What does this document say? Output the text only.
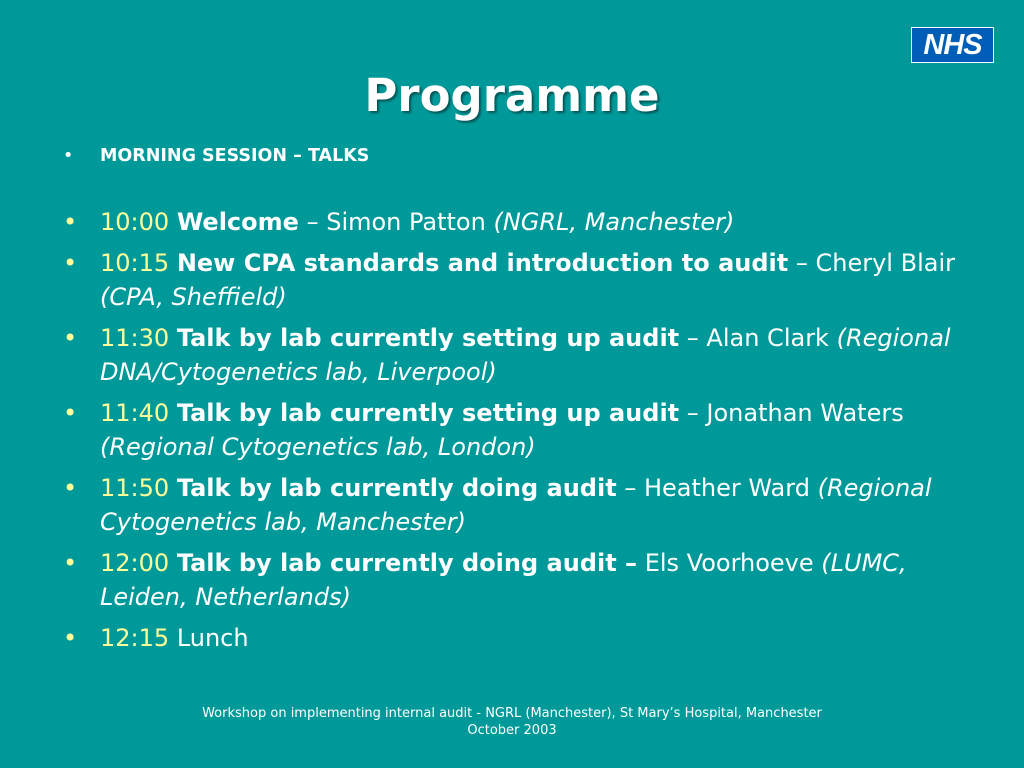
NHS
Programme
• MORNING SESSION – TALKS
• 10:00 Welcome – Simon Patton (NGRL, Manchester)
• 10:15 New CPA standards and introduction to audit – Cheryl Blair (CPA, Sheffield)
• 11:30 Talk by lab currently setting up audit – Alan Clark (Regional DNA/Cytogenetics lab, Liverpool)
• 11:40 Talk by lab currently setting up audit – Jonathan Waters (Regional Cytogenetics lab, London)
• 11:50 Talk by lab currently doing audit – Heather Ward (Regional Cytogenetics lab, Manchester)
• 12:00 Talk by lab currently doing audit – Els Voorhoeve (LUMC, Leiden, Netherlands)
• 12:15 Lunch
Workshop on implementing internal audit - NGRL (Manchester), St Mary’s Hospital, Manchester
October 2003
